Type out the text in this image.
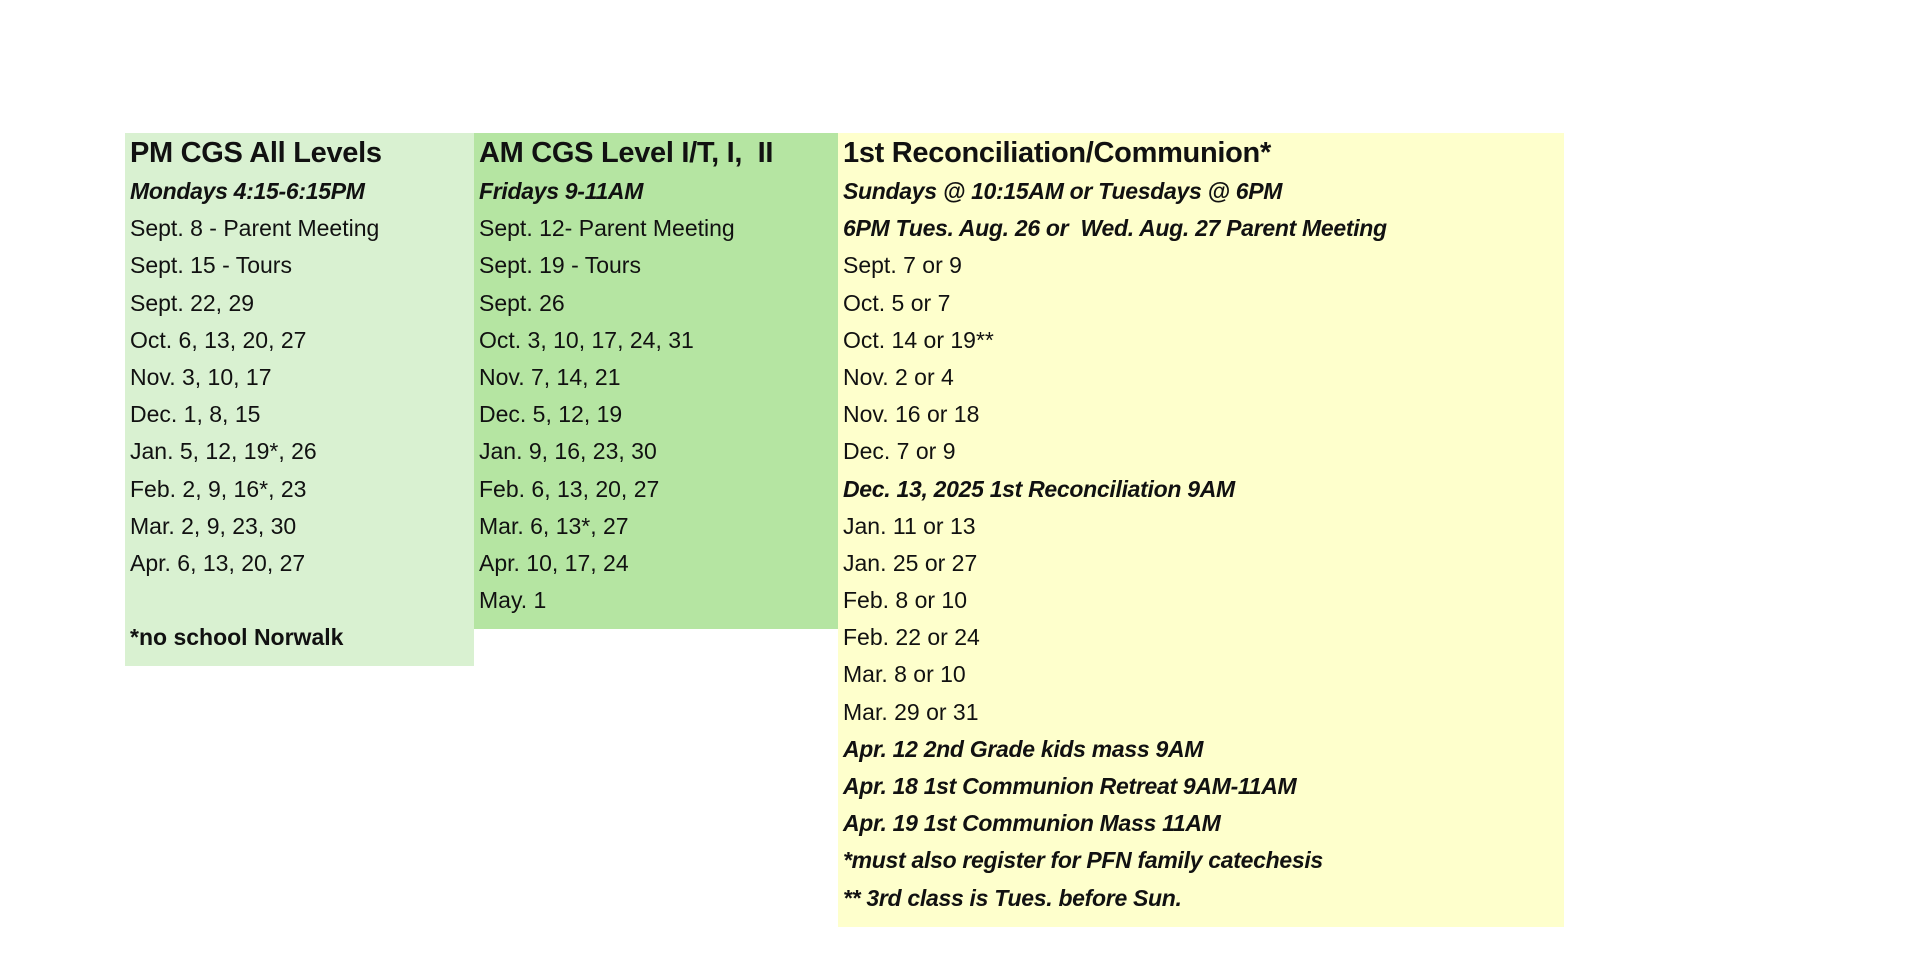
PM CGS All Levels
Mondays 4:15-6:15PM
Sept. 8 - Parent Meeting
Sept. 15 - Tours
Sept. 22, 29
Oct. 6, 13, 20, 27
Nov. 3, 10, 17
Dec. 1, 8, 15
Jan. 5, 12, 19*, 26
Feb. 2, 9, 16*, 23
Mar. 2, 9, 23, 30
Apr. 6, 13, 20, 27
*no school Norwalk
AM CGS Level I/T, I,  II
Fridays 9-11AM
Sept. 12- Parent Meeting
Sept. 19 - Tours
Sept. 26
Oct. 3, 10, 17, 24, 31
Nov. 7, 14, 21
Dec. 5, 12, 19
Jan. 9, 16, 23, 30
Feb. 6, 13, 20, 27
Mar. 6, 13*, 27
Apr. 10, 17, 24
May. 1
1st Reconciliation/Communion*
Sundays @ 10:15AM or Tuesdays @ 6PM
6PM Tues. Aug. 26 or  Wed. Aug. 27 Parent Meeting
Sept. 7 or 9
Oct. 5 or 7
Oct. 14 or 19**
Nov. 2 or 4
Nov. 16 or 18
Dec. 7 or 9
Dec. 13, 2025 1st Reconciliation 9AM
Jan. 11 or 13
Jan. 25 or 27
Feb. 8 or 10
Feb. 22 or 24
Mar. 8 or 10
Mar. 29 or 31
Apr. 12 2nd Grade kids mass 9AM
Apr. 18 1st Communion Retreat 9AM-11AM
Apr. 19 1st Communion Mass 11AM
*must also register for PFN family catechesis
** 3rd class is Tues. before Sun.
